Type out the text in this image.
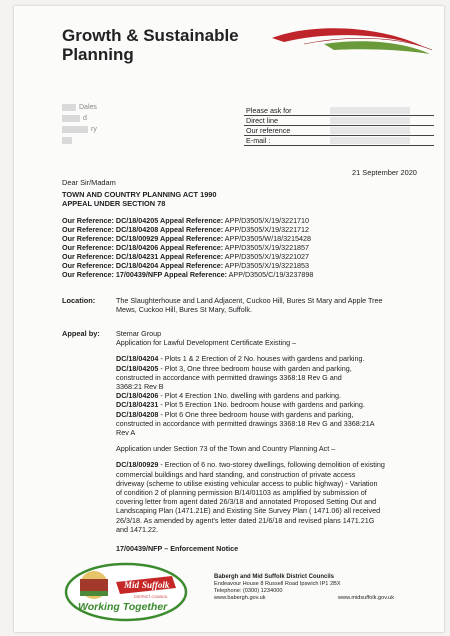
Growth & Sustainable
Planning
Dales
d
ry
Please ask for
Direct line
Our reference
E-mail :
21 September 2020
Dear Sir/Madam
TOWN AND COUNTRY PLANNING ACT 1990
APPEAL UNDER SECTION 78
Our Reference: DC/18/04205 Appeal Reference: APP/D3505/X/19/3221710
Our Reference: DC/18/04208 Appeal Reference: APP/D3505/X/19/3221712
Our Reference: DC/18/00929 Appeal Reference: APP/D3505/W/18/3215428
Our Reference: DC/18/04206 Appeal Reference: APP/D3505/X/19/3221857
Our Reference: DC/18/04231 Appeal Reference: APP/D3505/X/19/3221027
Our Reference: DC/18/04204 Appeal Reference: APP/D3505/X/19/3221853
Our Reference: 17/00439/NFP Appeal Reference: APP/D3505/C/19/3237898
Location:	The Slaughterhouse and Land Adjacent, Cuckoo Hill, Bures St Mary and Apple Tree
Mews, Cuckoo Hill, Bures St Mary, Suffolk.
Appeal by: Stemar Group
Application for Lawful Development Certificate Existing –
DC/18/04204 - Plots 1 & 2 Erection of 2 No. houses with gardens and parking.
DC/18/04205 - Plot 3, One three bedroom house with garden and parking,
constructed in accordance with permitted drawings 3368:18 Rev G and
3368:21 Rev B
DC/18/04206 - Plot 4 Erection 1No. dwelling with gardens and parking.
DC/18/04231 - Plot 5 Erection 1No. bedroom house with gardens and parking.
DC/18/04208 - Plot 6 One three bedroom house with gardens and parking,
constructed in accordance with permitted drawings 3368:18 Rev G and 3368:21A
Rev A
Application under Section 73 of the Town and Country Planning Act –
DC/18/00929 - Erection of 6 no. two-storey dwellings, following demolition of existing
commercial buildings and hard standing, and construction of private access
driveway (scheme to utilise existing vehicular access to public highway) - Variation
of condition 2 of planning permission B/14/01103 as amplified by submission of
covering letter from agent dated 26/3/18 and annotated Proposed Setting Out and
Landscaping Plan (1471.21E) and Existing Site Survey Plan ( 1471.06) all received
26/3/18. As amended by agent's letter dated 21/6/18 and revised plans 1471.21G
and 1471.22.
17/00439/NFP – Enforcement Notice
Mid Suffolk
DISTRICT COUNCIL
Working Together
Babergh and Mid Suffolk District Councils
Endeavour House 8 Russell Road Ipswich IP1 2BX
Telephone: (0300) 1234000
www.babergh.gov.uk	www.midsuffolk.gov.uk
